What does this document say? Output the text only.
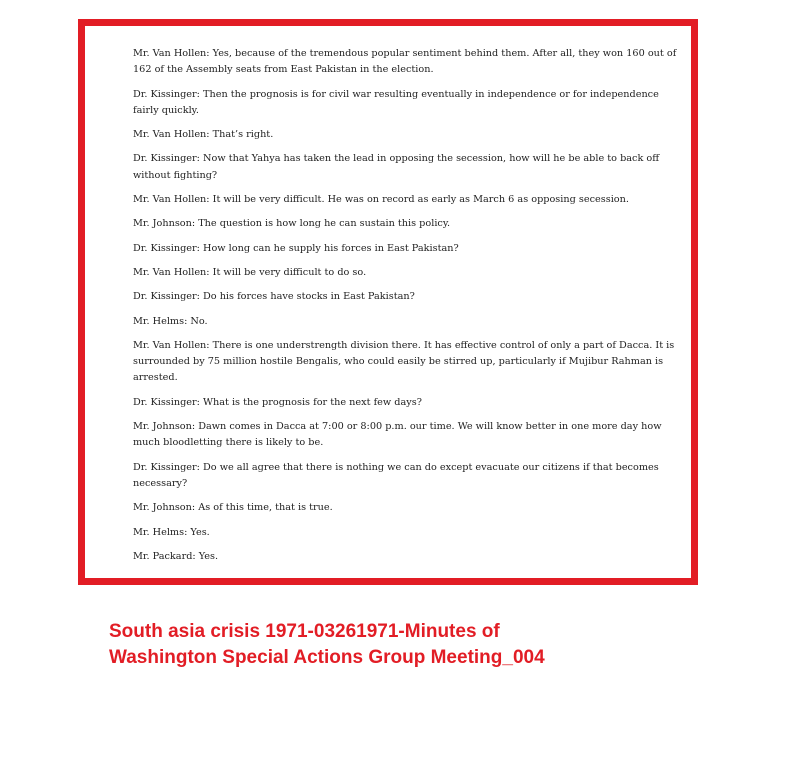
Mr. Van Hollen: Yes, because of the tremendous popular sentiment behind them. After all, they won 160 out of 162 of the Assembly seats from East Pakistan in the election.

Dr. Kissinger: Then the prognosis is for civil war resulting eventually in independence or for independence fairly quickly.

Mr. Van Hollen: That’s right.

Dr. Kissinger: Now that Yahya has taken the lead in opposing the secession, how will he be able to back off without fighting?

Mr. Van Hollen: It will be very difficult. He was on record as early as March 6 as opposing secession.

Mr. Johnson: The question is how long he can sustain this policy.

Dr. Kissinger: How long can he supply his forces in East Pakistan?

Mr. Van Hollen: It will be very difficult to do so.

Dr. Kissinger: Do his forces have stocks in East Pakistan?

Mr. Helms: No.

Mr. Van Hollen: There is one understrength division there. It has effective control of only a part of Dacca. It is surrounded by 75 million hostile Bengalis, who could easily be stirred up, particularly if Mujibur Rahman is arrested.

Dr. Kissinger: What is the prognosis for the next few days?

Mr. Johnson: Dawn comes in Dacca at 7:00 or 8:00 p.m. our time. We will know better in one more day how much bloodletting there is likely to be.

Dr. Kissinger: Do we all agree that there is nothing we can do except evacuate our citizens if that becomes necessary?

Mr. Johnson: As of this time, that is true.

Mr. Helms: Yes.

Mr. Packard: Yes.

South asia crisis 1971-03261971-Minutes of
Washington Special Actions Group Meeting_004
